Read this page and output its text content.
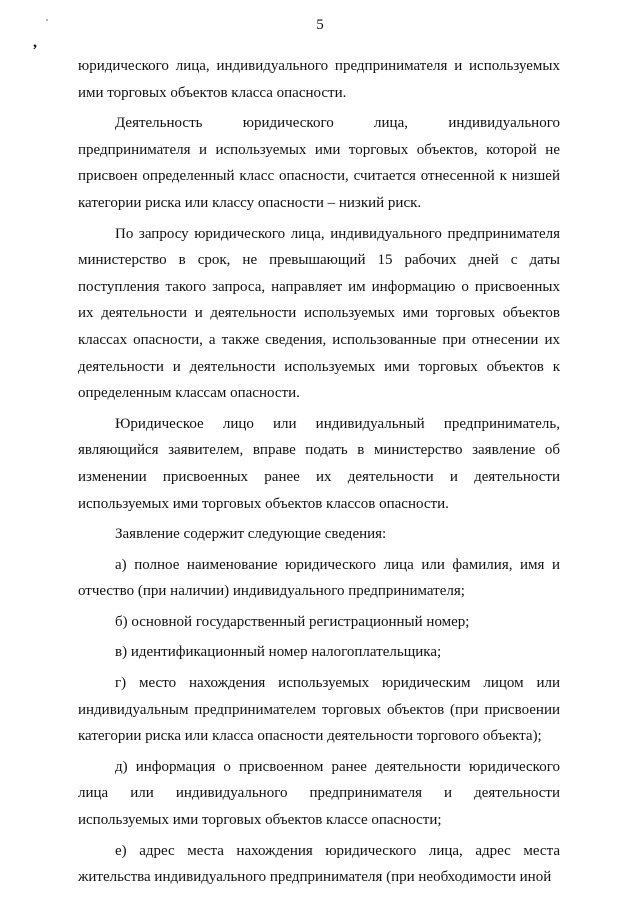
˙
,
5

юридического лица, индивидуального предпринимателя и используемых ими торговых объектов класса опасности.

Деятельность юридического лица, индивидуального предпринимателя и используемых ими торговых объектов, которой не присвоен определенный класс опасности, считается отнесенной к низшей категории риска или классу опасности – низкий риск.

По запросу юридического лица, индивидуального предпринимателя министерство в срок, не превышающий 15 рабочих дней с даты поступления такого запроса, направляет им информацию о присвоенных их деятельности и деятельности используемых ими торговых объектов классах опасности, а также сведения, использованные при отнесении их деятельности и деятельности используемых ими торговых объектов к определенным классам опасности.

Юридическое лицо или индивидуальный предприниматель, являющийся заявителем, вправе подать в министерство заявление об изменении присвоенных ранее их деятельности и деятельности используемых ими торговых объектов классов опасности.

Заявление содержит следующие сведения:

а) полное наименование юридического лица или фамилия, имя и отчество (при наличии) индивидуального предпринимателя;

б) основной государственный регистрационный номер;

в) идентификационный номер налогоплательщика;

г) место нахождения используемых юридическим лицом или индивидуальным предпринимателем торговых объектов (при присвоении категории риска или класса опасности деятельности торгового объекта);

д) информация о присвоенном ранее деятельности юридического лица или индивидуального предпринимателя и деятельности используемых ими торговых объектов классе опасности;

е) адрес места нахождения юридического лица, адрес места жительства индивидуального предпринимателя (при необходимости иной
